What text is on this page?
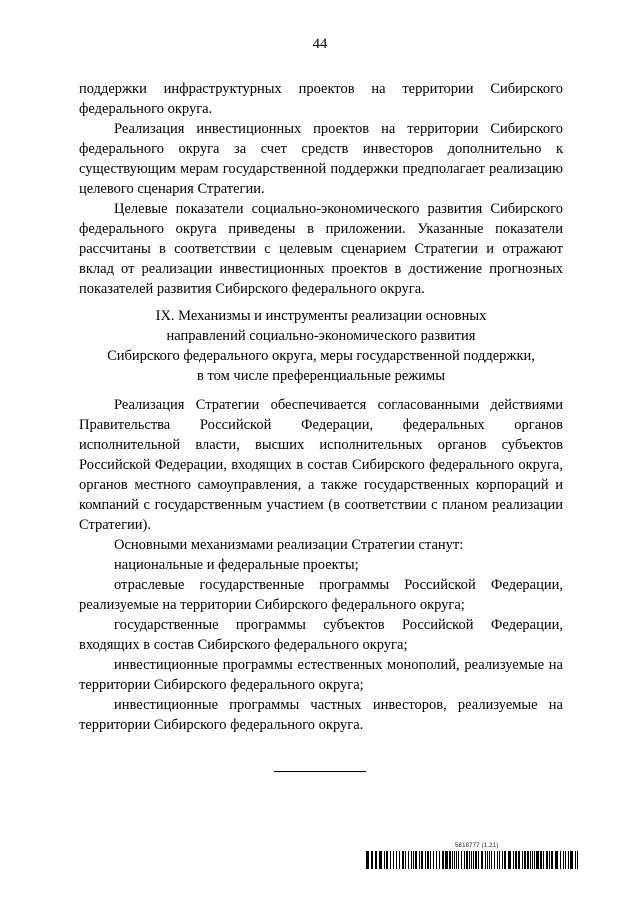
44

поддержки инфраструктурных проектов на территории Сибирского федерального округа.

Реализация инвестиционных проектов на территории Сибирского федерального округа за счет средств инвесторов дополнительно к существующим мерам государственной поддержки предполагает реализацию целевого сценария Стратегии.

Целевые показатели социально-экономического развития Сибирского федерального округа приведены в приложении. Указанные показатели рассчитаны в соответствии с целевым сценарием Стратегии и отражают вклад от реализации инвестиционных проектов в достижение прогнозных показателей развития Сибирского федерального округа.

IX. Механизмы и инструменты реализации основных
направлений социально-экономического развития
Сибирского федерального округа, меры государственной поддержки,
в том числе преференциальные режимы

Реализация Стратегии обеспечивается согласованными действиями Правительства Российской Федерации, федеральных органов исполнительной власти, высших исполнительных органов субъектов Российской Федерации, входящих в состав Сибирского федерального округа, органов местного самоуправления, а также государственных корпораций и компаний с государственным участием (в соответствии с планом реализации Стратегии).

Основными механизмами реализации Стратегии станут:

национальные и федеральные проекты;

отраслевые государственные программы Российской Федерации, реализуемые на территории Сибирского федерального округа;

государственные программы субъектов Российской Федерации, входящих в состав Сибирского федерального округа;

инвестиционные программы естественных монополий, реализуемые на территории Сибирского федерального округа;

инвестиционные программы частных инвесторов, реализуемые на территории Сибирского федерального округа.

5818777 (1.21)
